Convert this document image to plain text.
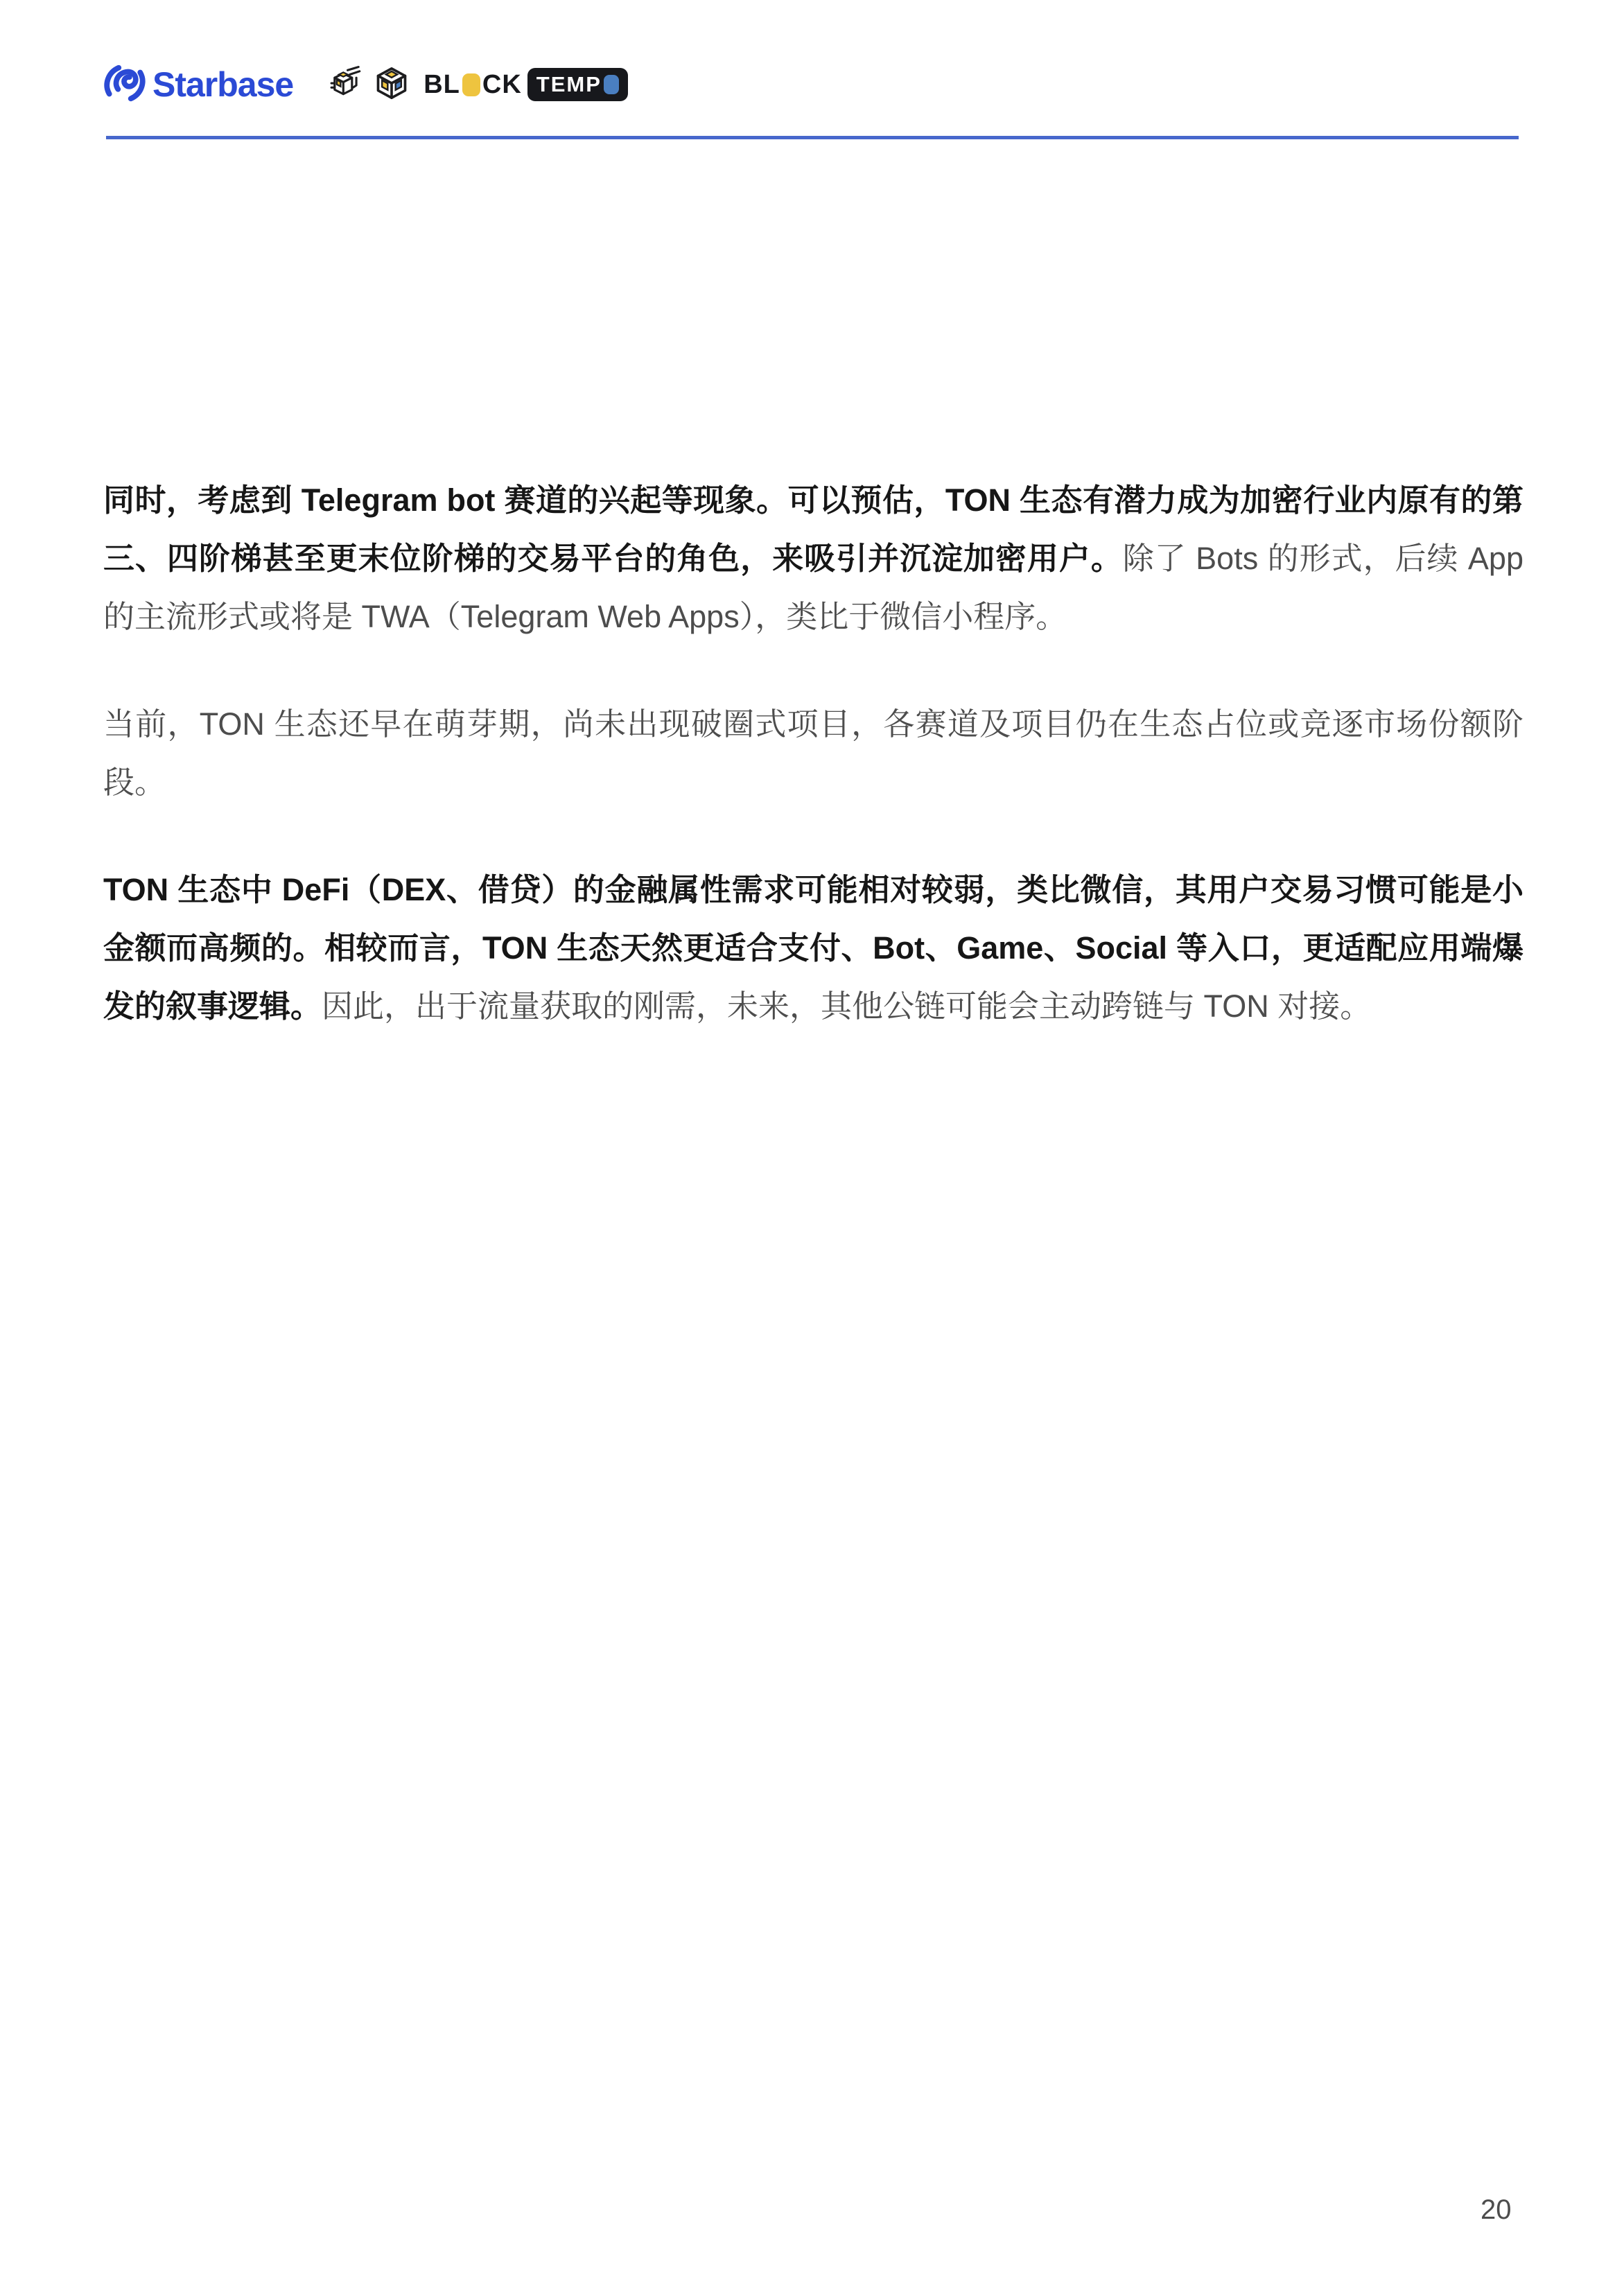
Starbase	BL CK TEMP

同时，考虑到 Telegram bot 赛道的兴起等现象。可以预估，TON 生态有潜力成为加密行业内原有的第三、四阶梯甚至更末位阶梯的交易平台的角色，来吸引并沉淀加密用户。除了 Bots 的形式，后续 App 的主流形式或将是 TWA（Telegram Web Apps），类比于微信小程序。

当前，TON 生态还早在萌芽期，尚未出现破圈式项目，各赛道及项目仍在生态占位或竞逐市场份额阶段。

TON 生态中 DeFi（DEX、借贷）的金融属性需求可能相对较弱，类比微信，其用户交易习惯可能是小金额而高频的。相较而言，TON 生态天然更适合支付、Bot、Game、Social 等入口，更适配应用端爆发的叙事逻辑。因此，出于流量获取的刚需，未来，其他公链可能会主动跨链与 TON 对接。

20
